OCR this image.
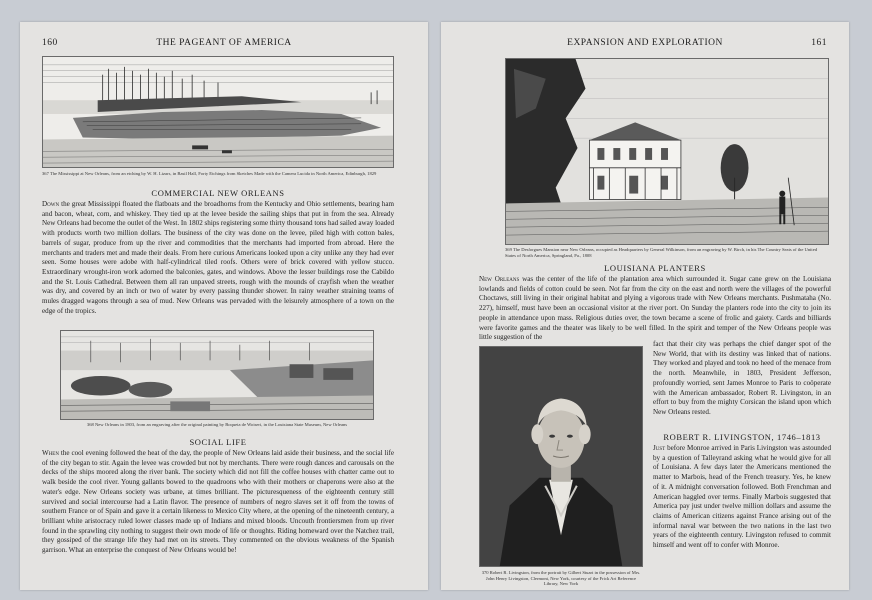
160	THE PAGEANT OF AMERICA
367 The Mississippi at New Orleans, from an etching by W. H. Lizars, in Basil Hall, Forty Etchings from Sketches Made with the Camera Lucida in North America, Edinburgh, 1829
COMMERCIAL NEW ORLEANS
Down the great Mississippi floated the flatboats and the broadhorns from the Kentucky and Ohio settlements, bearing ham and bacon, wheat, corn, and whiskey. They tied up at the levee beside the sailing ships that put in from the sea. Already New Orleans had become the outlet of the West. In 1802 ships registering some thirty thousand tons had sailed away loaded with products worth two million dollars. The business of the city was done on the levee, piled high with cotton bales, barrels of sugar, produce from up the river and commodities that the merchants had imported from abroad. Here the merchants and traders met and made their deals. From here curious Americans looked upon a city unlike any they had ever seen. Some houses were adobe with half-cylindrical tiled roofs. Others were of brick covered with yellow stucco. Extraordinary wrought-iron work adorned the balconies, gates, and windows. Above the lesser buildings rose the Cabildo and the St. Louis Cathedral. Between them all ran unpaved streets, rough with the mounds of crayfish when the weather was dry, and covered by an inch or two of water by every passing thunder shower. In rainy weather straining teams of mules dragged wagons through a sea of mud. New Orleans was pervaded with the leisurely atmosphere of a town on the edge of the tropics.
368 New Orleans in 1803, from an engraving after the original painting by Boqueta de Woiseri, in the Louisiana State Museum, New Orleans
SOCIAL LIFE
When the cool evening followed the heat of the day, the people of New Orleans laid aside their business, and the social life of the city began to stir. Again the levee was crowded but not by merchants. There were rough dances and carousals on the decks of the ships moored along the river bank. The society which did not fill the coffee houses with chatter came out to walk beside the cool river. Young gallants bowed to the quadroons who with their mothers or chaperons were also at the water's edge. New Orleans society was urbane, at times brilliant. The picturesqueness of the eighteenth century still survived and social intercourse had a Latin flavor. The presence of numbers of negro slaves set it off from the towns of southern France or of Spain and gave it a certain likeness to Mexico City where, at the opening of the nineteenth century, a brilliant white aristocracy ruled lower classes made up of Indians and mixed bloods. Uncouth frontiersmen from up river found in the sprawling city nothing to suggest their own mode of life or thoughts. Riding homeward over the Natchez trail, they gossiped of the strange life they had met on its streets. They commented on the obvious weakness of the Spanish garrison. What an enterprise the conquest of New Orleans would be!
EXPANSION AND EXPLORATION	161
369 The Desforgues Mansion near New Orleans, occupied as Headquarters by General Wilkinson, from an engraving by W. Birch, in his The Country Seats of the United States of North America, Springland, Pa., 1808
LOUISIANA PLANTERS
New Orleans was the center of the life of the plantation area which surrounded it. Sugar cane grew on the Louisiana lowlands and fields of cotton could be seen. Not far from the city on the east and north were the villages of the powerful Choctaws, still living in their original habitat and plying a vigorous trade with New Orleans merchants. Pushmataha (No. 227), himself, must have been an occasional visitor at the river port. On Sunday the planters rode into the city to join its people in attendance upon mass. Religious duties over, the town became a scene of frolic and gaiety. Cards and billiards were favorite games and the theater was likely to be well filled. In the spirit and temper of the New Orleans people was little suggestion of the
370 Robert R. Livingston, from the portrait by Gilbert Stuart in the possession of Mrs. John Henry Livingston, Clermont, New York, courtesy of the Frick Art Reference Library, New York
fact that their city was perhaps the chief danger spot of the New World, that with its destiny was linked that of nations. They worked and played and took no heed of the menace from the north. Meanwhile, in 1803, President Jefferson, profoundly worried, sent James Monroe to Paris to coöperate with the American ambassador, Robert R. Livingston, in an effort to buy from the mighty Corsican the island upon which New Orleans rested.
ROBERT R. LIVINGSTON, 1746–1813
Just before Monroe arrived in Paris Livingston was astounded by a question of Talleyrand asking what he would give for all of Louisiana. A few days later the Americans mentioned the matter to Marbois, head of the French treasury. Yes, he knew of it. A midnight conversation followed. Both Frenchman and American haggled over terms. Finally Marbois suggested that America pay just under twelve million dollars and assume the claims of American citizens against France arising out of the informal naval war between the two nations in the last two years of the eighteenth century. Livingston refused to commit himself and went off to confer with Monroe.
